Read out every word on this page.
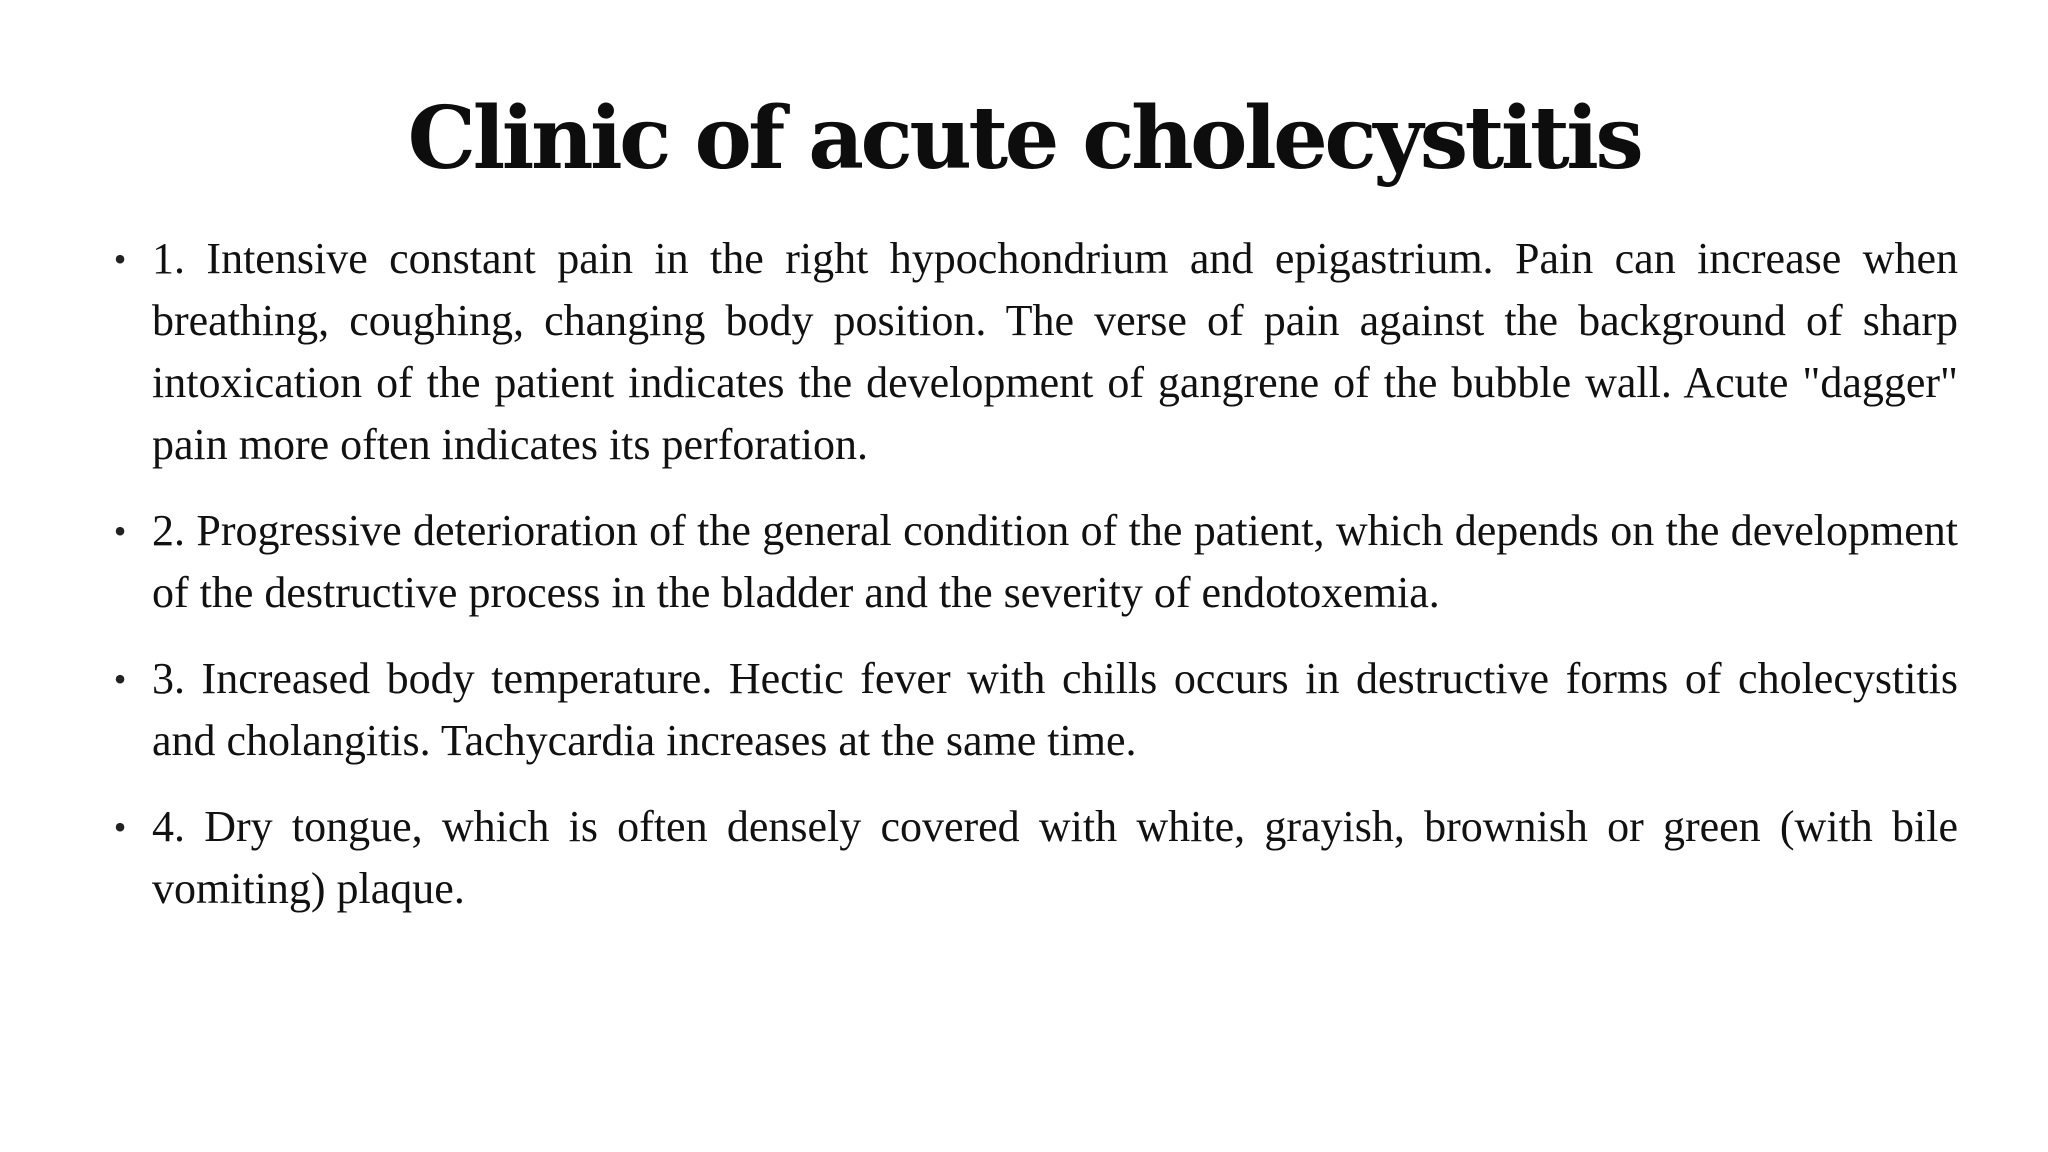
Clinic of acute cholecystitis
• 1. Intensive constant pain in the right hypochondrium and epigastrium. Pain can increase when breathing, coughing, changing body position. The verse of pain against the background of sharp intoxication of the patient indicates the development of gangrene of the bubble wall. Acute "dagger" pain more often indicates its perforation.
• 2. Progressive deterioration of the general condition of the patient, which depends on the development of the destructive process in the bladder and the severity of endotoxemia.
• 3. Increased body temperature. Hectic fever with chills occurs in destructive forms of cholecystitis and cholangitis. Tachycardia increases at the same time.
• 4. Dry tongue, which is often densely covered with white, grayish, brownish or green (with bile vomiting) plaque.
